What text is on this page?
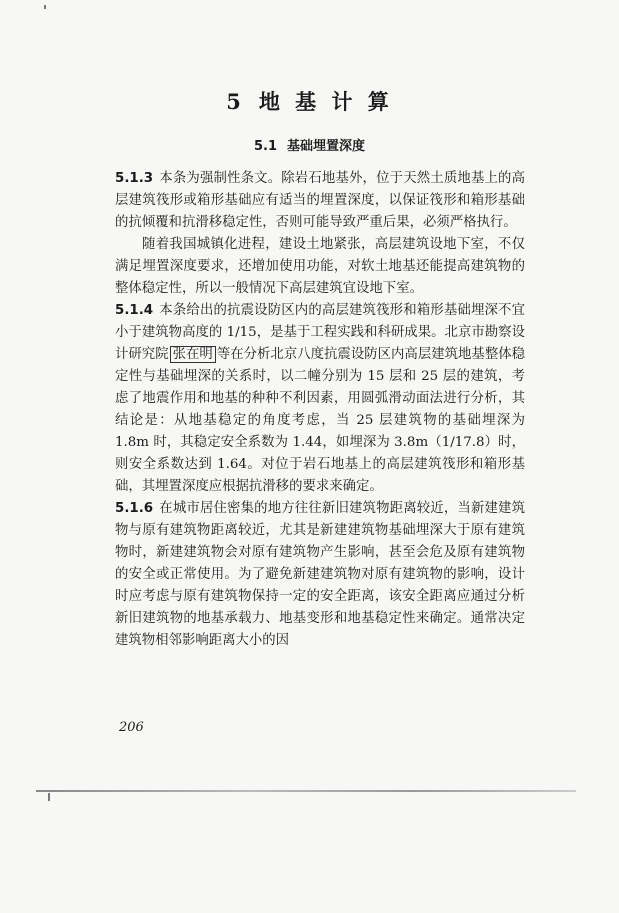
5 地 基 计 算
5.1 基础埋置深度

5.1.3 本条为强制性条文。除岩石地基外，位于天然土质地基上的高层建筑筏形或箱形基础应有适当的埋置深度，以保证筏形和箱形基础的抗倾覆和抗滑移稳定性，否则可能导致严重后果，必须严格执行。

随着我国城镇化进程，建设土地紧张，高层建筑设地下室，不仅满足埋置深度要求，还增加使用功能，对软土地基还能提高建筑物的整体稳定性，所以一般情况下高层建筑宜设地下室。

5.1.4 本条给出的抗震设防区内的高层建筑筏形和箱形基础埋深不宜小于建筑物高度的 1/15，是基于工程实践和科研成果。北京市勘察设计研究院 张在明 等在分析北京八度抗震设防区内高层建筑地基整体稳定性与基础埋深的关系时，以二幢分别为 15 层和 25 层的建筑，考虑了地震作用和地基的种种不利因素，用圆弧滑动面法进行分析，其结论是：从地基稳定的角度考虑，当 25 层建筑物的基础埋深为 1.8m 时，其稳定安全系数为 1.44，如埋深为 3.8m（1/17.8）时，则安全系数达到 1.64。对位于岩石地基上的高层建筑筏形和箱形基础，其埋置深度应根据抗滑移的要求来确定。

5.1.6 在城市居住密集的地方往往新旧建筑物距离较近，当新建建筑物与原有建筑物距离较近，尤其是新建建筑物基础埋深大于原有建筑物时，新建建筑物会对原有建筑物产生影响，甚至会危及原有建筑物的安全或正常使用。为了避免新建建筑物对原有建筑物的影响，设计时应考虑与原有建筑物保持一定的安全距离，该安全距离应通过分析新旧建筑物的地基承载力、地基变形和地基稳定性来确定。通常决定建筑物相邻影响距离大小的因

206
